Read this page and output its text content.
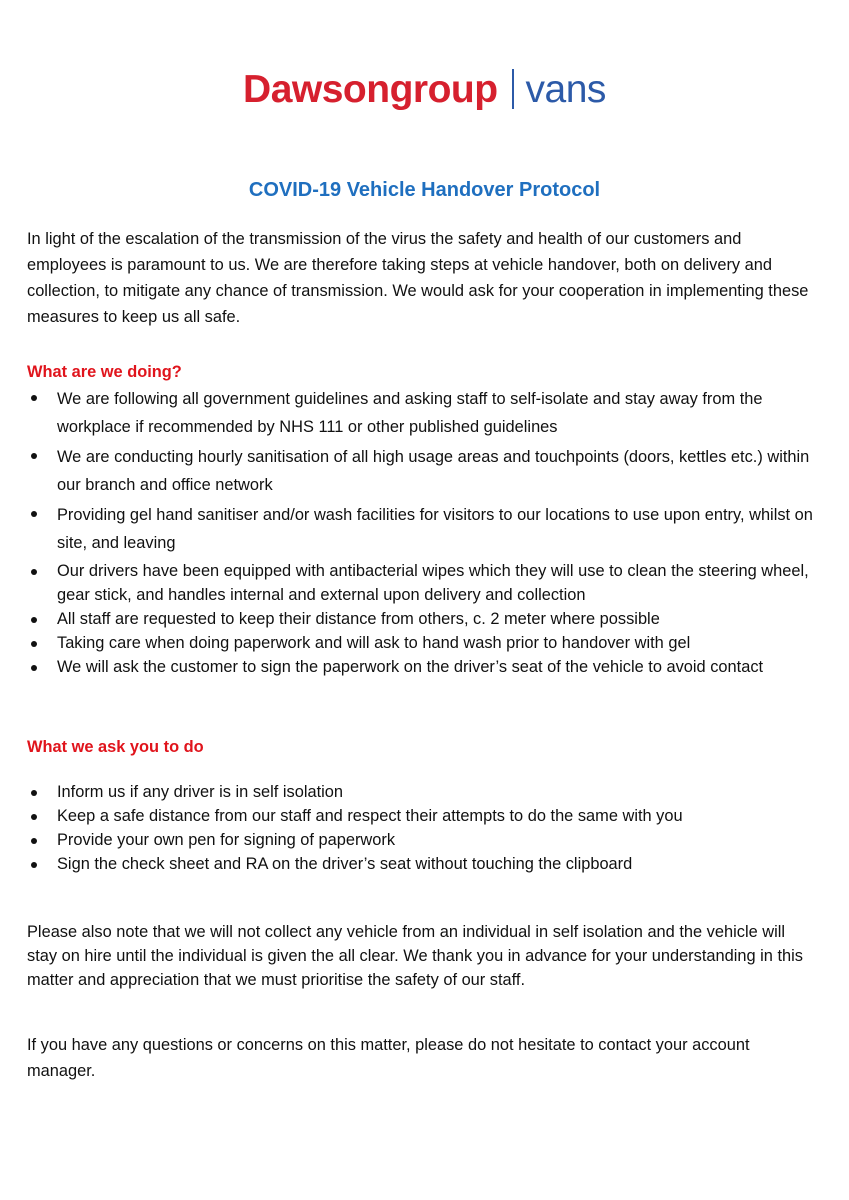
Dawsongroup vans
COVID-19 Vehicle Handover Protocol
In light of the escalation of the transmission of the virus the safety and health of our customers and employees is paramount to us. We are therefore taking steps at vehicle handover, both on delivery and collection, to mitigate any chance of transmission. We would ask for your cooperation in implementing these measures to keep us all safe.
What are we doing?
We are following all government guidelines and asking staff to self-isolate and stay away from the workplace if recommended by NHS 111 or other published guidelines
We are conducting hourly sanitisation of all high usage areas and touchpoints (doors, kettles etc.) within our branch and office network
Providing gel hand sanitiser and/or wash facilities for visitors to our locations to use upon entry, whilst on site, and leaving
Our drivers have been equipped with antibacterial wipes which they will use to clean the steering wheel, gear stick, and handles internal and external upon delivery and collection
All staff are requested to keep their distance from others, c. 2 meter where possible
Taking care when doing paperwork and will ask to hand wash prior to handover with gel
We will ask the customer to sign the paperwork on the driver’s seat of the vehicle to avoid contact
What we ask you to do
Inform us if any driver is in self isolation
Keep a safe distance from our staff and respect their attempts to do the same with you
Provide your own pen for signing of paperwork
Sign the check sheet and RA on the driver’s seat without touching the clipboard
Please also note that we will not collect any vehicle from an individual in self isolation and the vehicle will stay on hire until the individual is given the all clear. We thank you in advance for your understanding in this matter and appreciation that we must prioritise the safety of our staff.
If you have any questions or concerns on this matter, please do not hesitate to contact your account manager.
